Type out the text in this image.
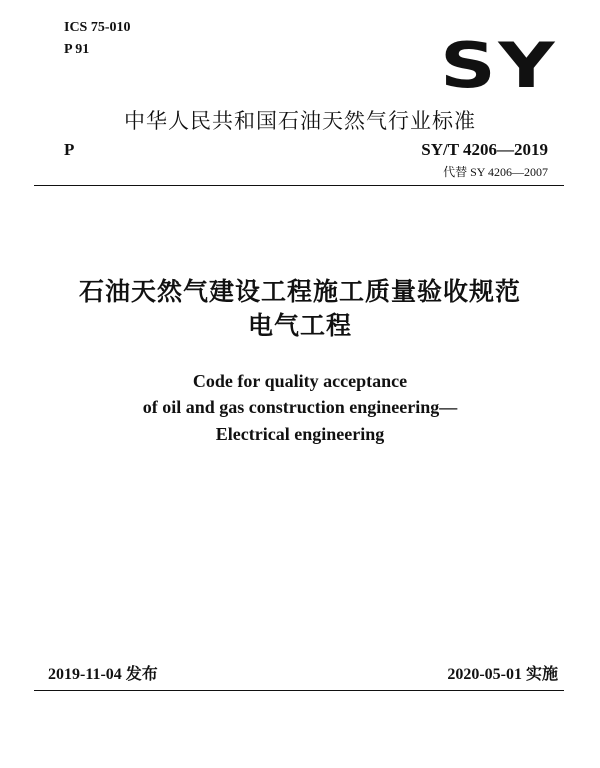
ICS 75-010
P 91	SY
中华人民共和国石油天然气行业标准
P	SY/T 4206—2019
代替 SY 4206—2007
石油天然气建设工程施工质量验收规范
电气工程
Code for quality acceptance
of oil and gas construction engineering—
Electrical engineering
2019-11-04 发布	2020-05-01 实施
